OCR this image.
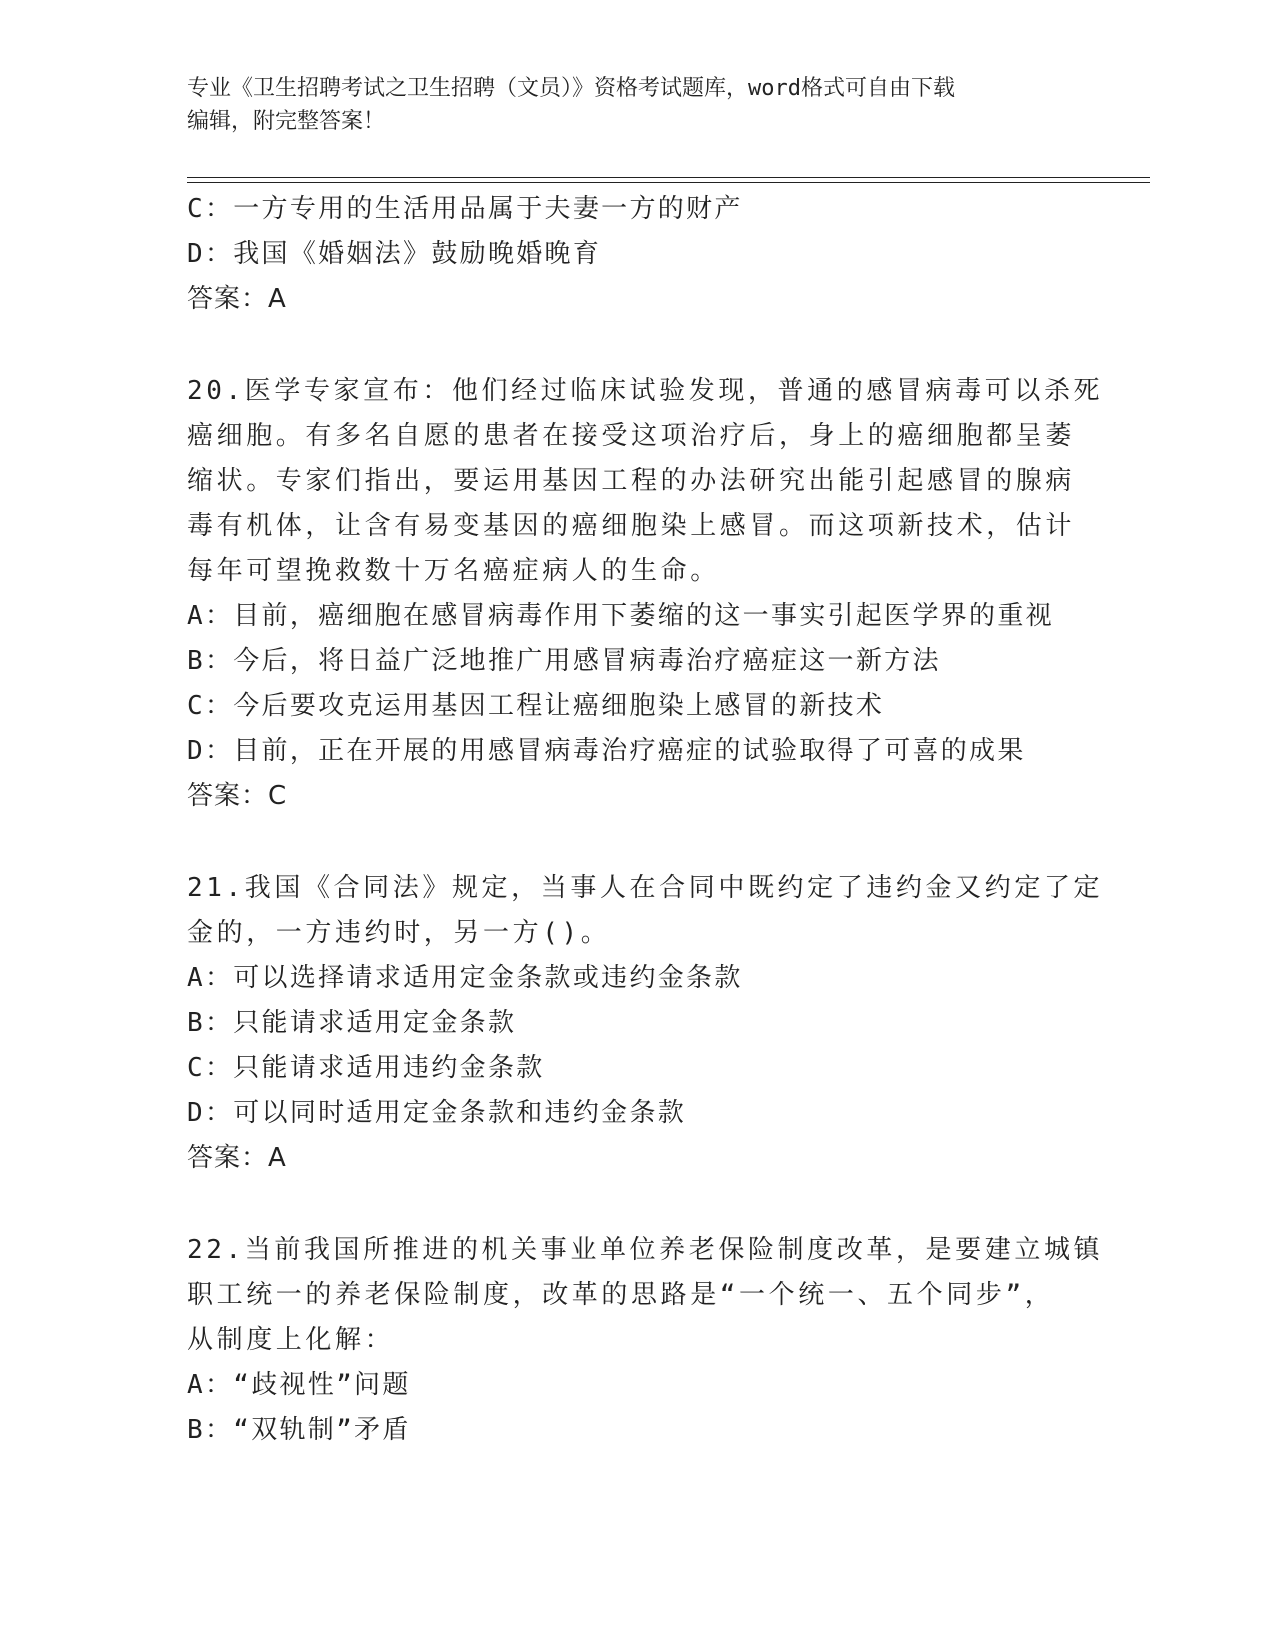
专业《卫生招聘考试之卫生招聘（文员）》资格考试题库，word格式可自由下载
编辑，附完整答案！
C：一方专用的生活用品属于夫妻一方的财产
D：我国《婚姻法》鼓励晚婚晚育
答案：A
20.医学专家宣布：他们经过临床试验发现，普通的感冒病毒可以杀死
癌细胞。有多名自愿的患者在接受这项治疗后，身上的癌细胞都呈萎
缩状。专家们指出，要运用基因工程的办法研究出能引起感冒的腺病
毒有机体，让含有易变基因的癌细胞染上感冒。而这项新技术，估计
每年可望挽救数十万名癌症病人的生命。
A：目前，癌细胞在感冒病毒作用下萎缩的这一事实引起医学界的重视
B：今后，将日益广泛地推广用感冒病毒治疗癌症这一新方法
C：今后要攻克运用基因工程让癌细胞染上感冒的新技术
D：目前，正在开展的用感冒病毒治疗癌症的试验取得了可喜的成果
答案：C
21.我国《合同法》规定，当事人在合同中既约定了违约金又约定了定
金的，一方违约时，另一方()。
A：可以选择请求适用定金条款或违约金条款
B：只能请求适用定金条款
C：只能请求适用违约金条款
D：可以同时适用定金条款和违约金条款
答案：A
22.当前我国所推进的机关事业单位养老保险制度改革，是要建立城镇
职工统一的养老保险制度，改革的思路是“一个统一、五个同步”，
从制度上化解：
A：“歧视性”问题
B：“双轨制”矛盾
